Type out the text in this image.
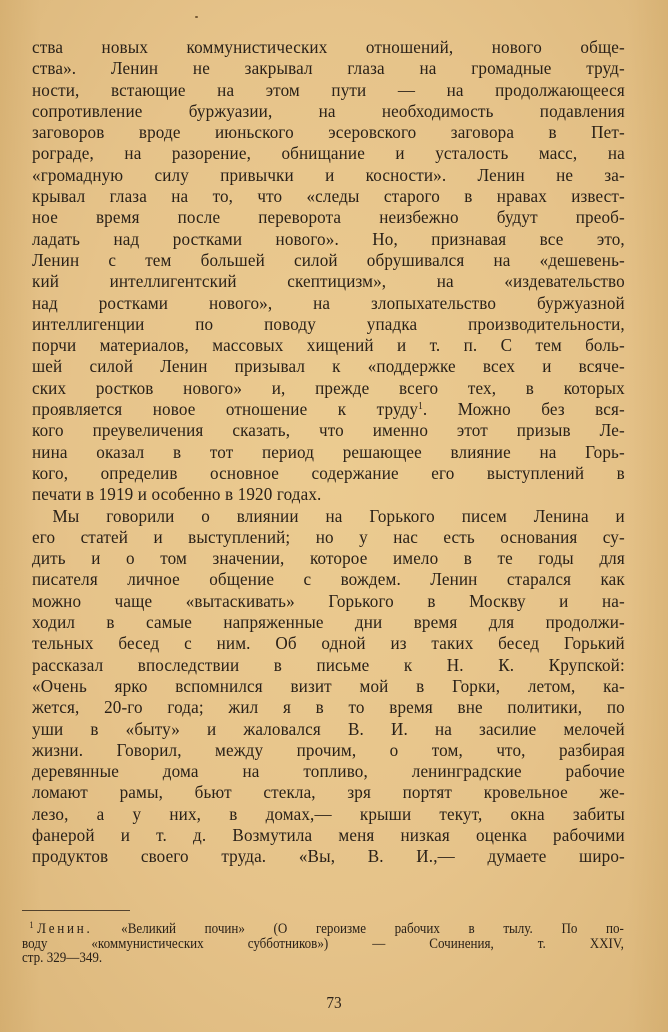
ства новых коммунистических отношений, нового обще-
ства». Ленин не закрывал глаза на громадные труд-
ности, встающие на этом пути — на продолжающееся
сопротивление буржуазии, на необходимость подавления
заговоров вроде июньского эсеровского заговора в Пет-
рограде, на разорение, обнищание и усталость масс, на
«громадную силу привычки и косности». Ленин не за-
крывал глаза на то, что «следы старого в нравах извест-
ное время после переворота неизбежно будут преоб-
ладать над ростками нового». Но, признавая все это,
Ленин с тем большей силой обрушивался на «дешевень-
кий интеллигентский скептицизм», на «издевательство
над ростками нового», на злопыхательство буржуазной
интеллигенции по поводу упадка производительности,
порчи материалов, массовых хищений и т. п. С тем боль-
шей силой Ленин призывал к «поддержке всех и всяче-
ских ростков нового» и, прежде всего тех, в которых
проявляется новое отношение к труду$^1$. Можно без вся-
кого преувеличения сказать, что именно этот призыв Ле-
нина оказал в тот период решающее влияние на Горь-
кого, определив основное содержание его выступлений в
печати в 1919 и особенно в 1920 годах.
Мы говорили о влиянии на Горького писем Ленина и
его статей и выступлений; но у нас есть основания су-
дить и о том значении, которое имело в те годы для
писателя личное общение с вождем. Ленин старался как
можно чаще «вытаскивать» Горького в Москву и на-
ходил в самые напряженные дни время для продолжи-
тельных бесед с ним. Об одной из таких бесед Горький
рассказал впоследствии в письме к Н. К. Крупской:
«Очень ярко вспомнился визит мой в Горки, летом, ка-
жется, 20-го года; жил я в то время вне политики, по
уши в «быту» и жаловался В. И. на засилие мелочей
жизни. Говорил, между прочим, о том, что, разбирая
деревянные дома на топливо, ленинградские рабочие
ломают рамы, бьют стекла, зря портят кровельное же-
лезо, а у них, в домах,— крыши текут, окна забиты
фанерой и т. д. Возмутила меня низкая оценка рабочими
продуктов своего труда. «Вы, В. И.,— думаете широ-
$^1$ Ленин. «Великий почин» (О героизме рабочих в тылу. По по-
воду «коммунистических субботников») — Сочинения, т. XXIV,
стр. 329—349.
73
